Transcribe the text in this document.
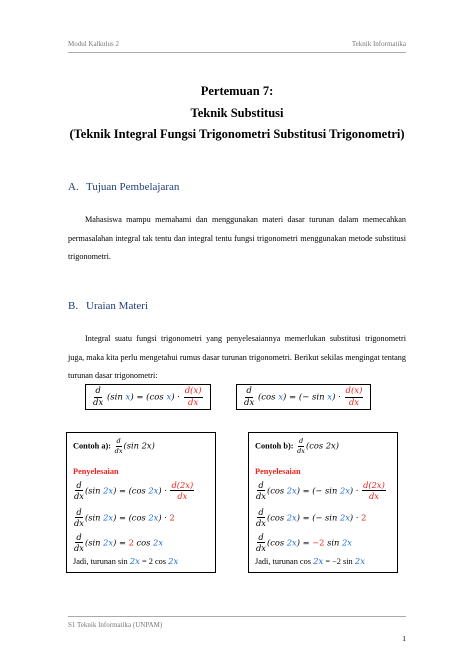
Modul Kalkulus 2	Teknik Informatika
Pertemuan 7:
Teknik Substitusi
(Teknik Integral Fungsi Trigonometri Substitusi Trigonometri)
A. Tujuan Pembelajaran
Mahasiswa mampu memahami dan menggunakan materi dasar turunan dalam memecahkan permasalahan integral tak tentu dan integral tentu fungsi trigonometri menggunakan metode substitusi trigonometri.
B. Uraian Materi
Integral suatu fungsi trigonometri yang penyelesaiannya memerlukan substitusi trigonometri juga, maka kita perlu mengetahui rumus dasar turunan trigonometri. Berikut sekilas mengingat tentang turunan dasar trigonometri:
$\frac{d}{dx} (\sin$ x) = (cos $x) \cdot \frac{d(x)}{dx}$	$\frac{d}{dx} (\cos$ x) = (− $\sin x) \cdot \frac{d(x)}{dx}$
Contoh a): $\frac{d}{dx} (\sin$ 2x)
Penyelesaian
$\frac{d}{dx} (\sin$ 2x) = (cos $2x) \cdot \frac{d(2x)}{dx}$
$\frac{d}{dx} (\sin$ 2x) = (cos 2x) · 2
$\frac{d}{dx} (\sin$ 2x) = 2 cos 2x
Jadi, turunan sin 2x = 2 cos 2x
Contoh b): $\frac{d}{dx} (\cos$ 2x)
Penyelesaian
$\frac{d}{dx} (\cos$ 2x) = (− $\sin 2x) \cdot \frac{d(2x)}{dx}$
$\frac{d}{dx} (\cos$ 2x) = (− sin 2x) · 2
$\frac{d}{dx} (\cos$ 2x) = −2 sin 2x
Jadi, turunan cos 2x = −2 sin 2x
S1 Teknik Informatika (UNPAM)
1
